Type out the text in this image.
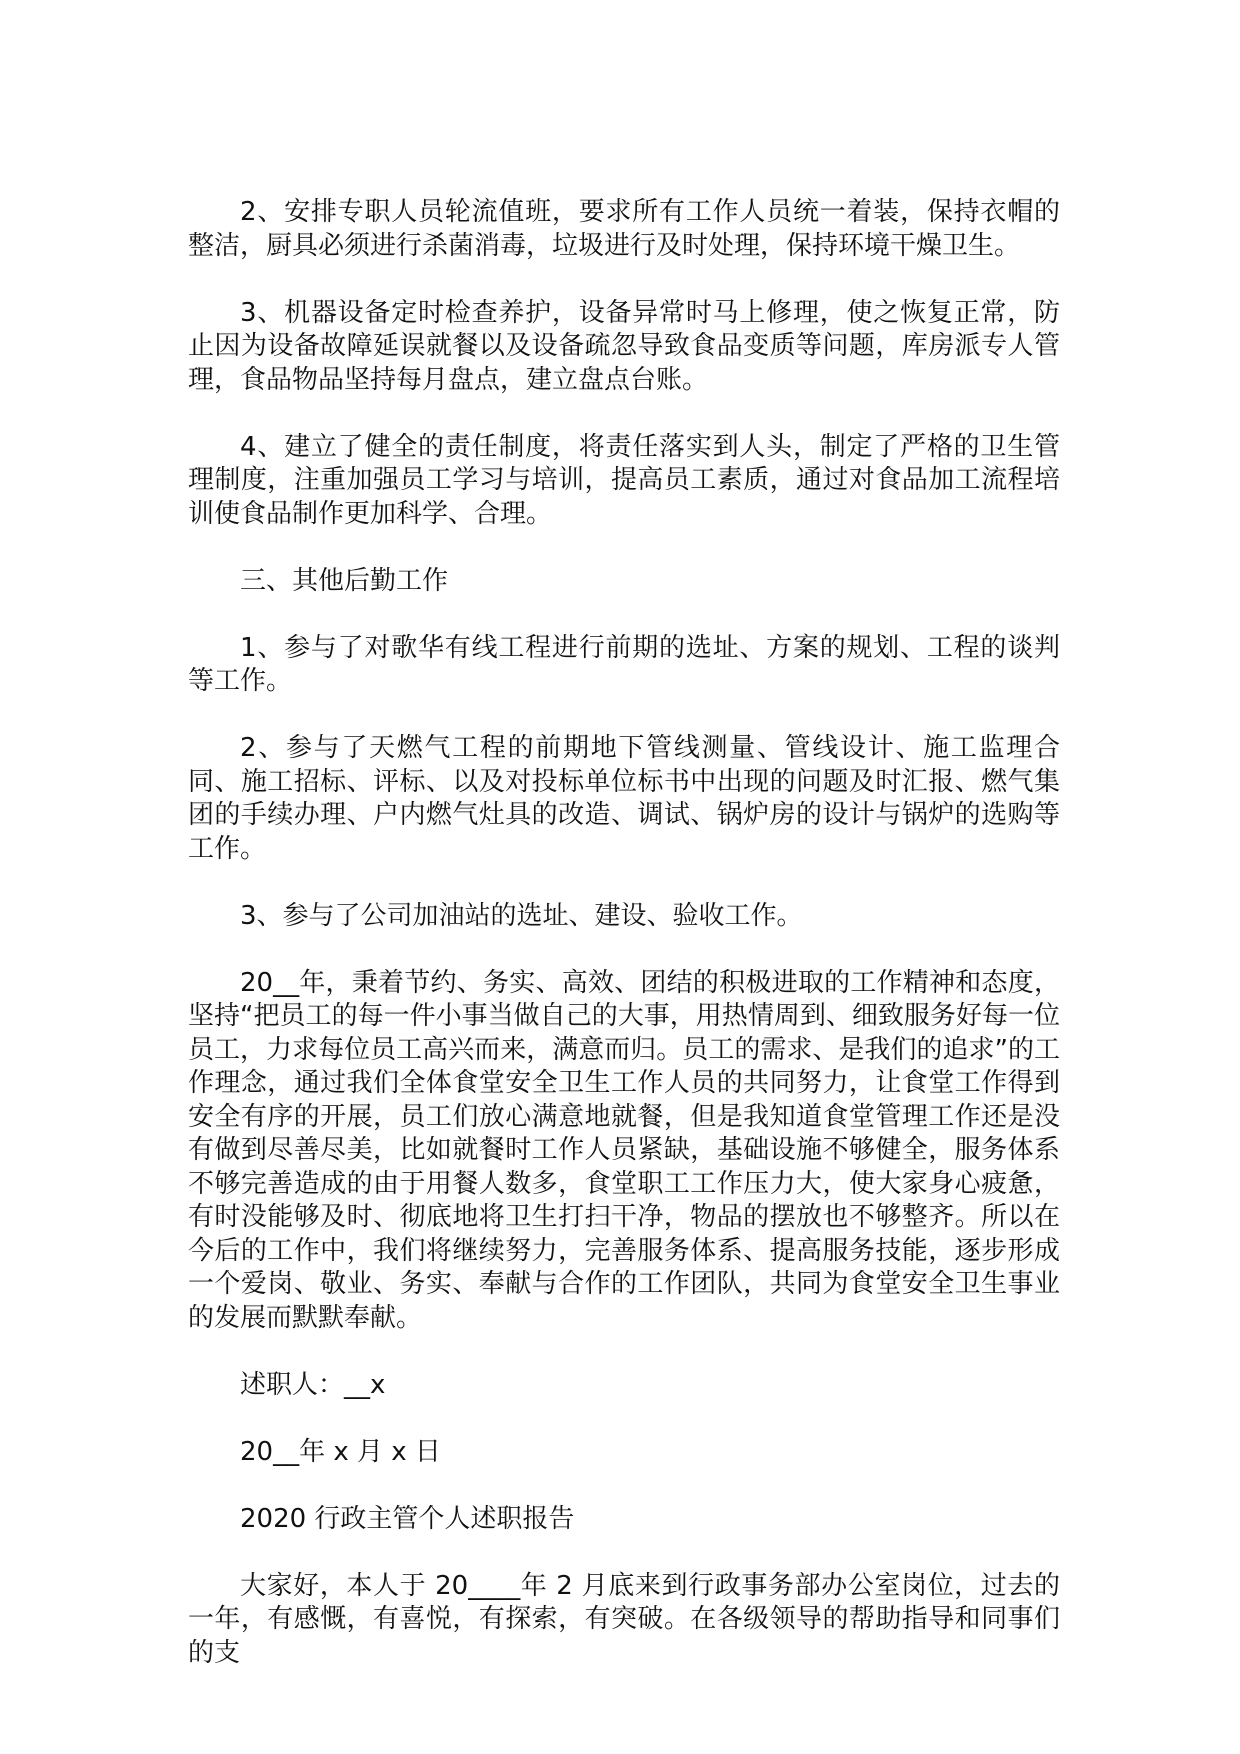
2、安排专职人员轮流值班，要求所有工作人员统一着装，保持衣帽的整洁，厨具必须进行杀菌消毒，垃圾进行及时处理，保持环境干燥卫生。

3、机器设备定时检查养护，设备异常时马上修理，使之恢复正常，防止因为设备故障延误就餐以及设备疏忽导致食品变质等问题，库房派专人管理，食品物品坚持每月盘点，建立盘点台账。

4、建立了健全的责任制度，将责任落实到人头，制定了严格的卫生管理制度，注重加强员工学习与培训，提高员工素质，通过对食品加工流程培训使食品制作更加科学、合理。

三、其他后勤工作

1、参与了对歌华有线工程进行前期的选址、方案的规划、工程的谈判等工作。

2、参与了天燃气工程的前期地下管线测量、管线设计、施工监理合同、施工招标、评标、以及对投标单位标书中出现的问题及时汇报、燃气集团的手续办理、户内燃气灶具的改造、调试、锅炉房的设计与锅炉的选购等工作。

3、参与了公司加油站的选址、建设、验收工作。

20__年，秉着节约、务实、高效、团结的积极进取的工作精神和态度，坚持“把员工的每一件小事当做自己的大事，用热情周到、细致服务好每一位员工，力求每位员工高兴而来，满意而归。员工的需求、是我们的追求”的工作理念，通过我们全体食堂安全卫生工作人员的共同努力，让食堂工作得到安全有序的开展，员工们放心满意地就餐，但是我知道食堂管理工作还是没有做到尽善尽美，比如就餐时工作人员紧缺，基础设施不够健全，服务体系不够完善造成的由于用餐人数多，食堂职工工作压力大，使大家身心疲惫，有时没能够及时、彻底地将卫生打扫干净，物品的摆放也不够整齐。所以在今后的工作中，我们将继续努力，完善服务体系、提高服务技能，逐步形成一个爱岗、敬业、务实、奉献与合作的工作团队，共同为食堂安全卫生事业的发展而默默奉献。

述职人：__x

20__年 x 月 x 日

2020 行政主管个人述职报告

大家好，本人于 20____年 2 月底来到行政事务部办公室岗位，过去的一年，有感慨，有喜悦，有探索，有突破。在各级领导的帮助指导和同事们的支
